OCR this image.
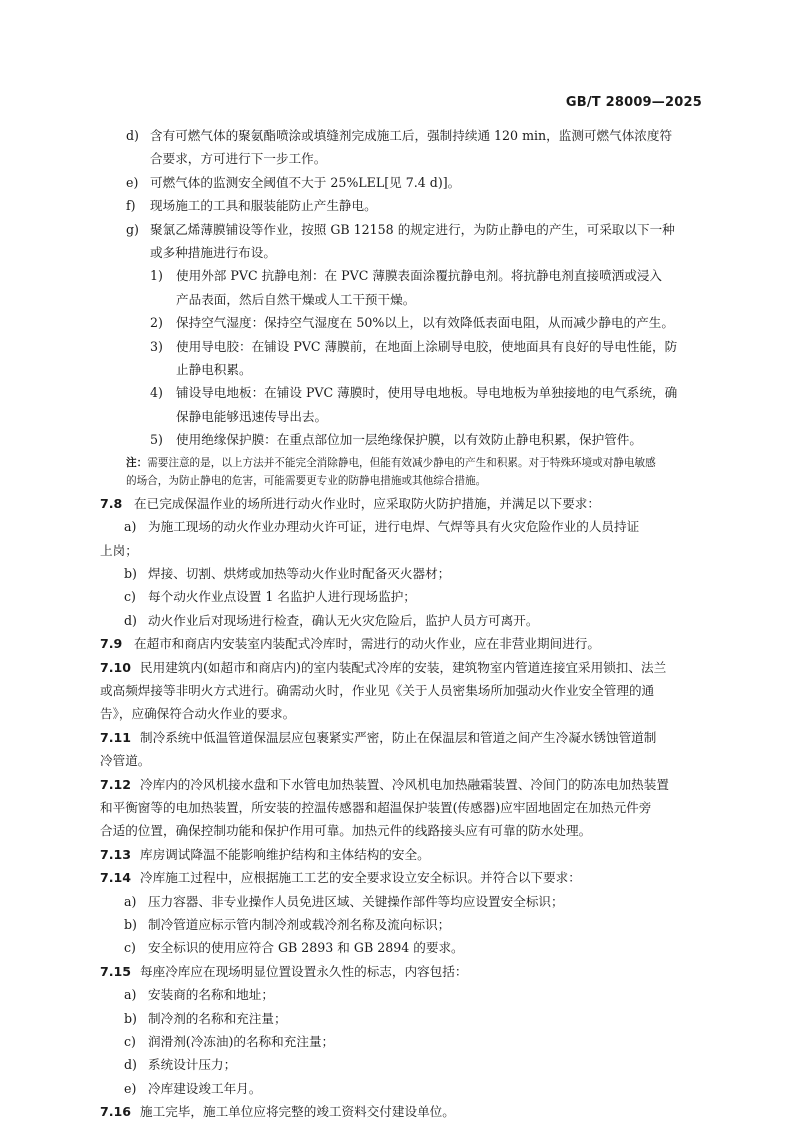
GB/T 28009—2025
d) 含有可燃气体的聚氨酯喷涂或填缝剂完成施工后，强制持续通 120 min，监测可燃气体浓度符
合要求，方可进行下一步工作。
e) 可燃气体的监测安全阈值不大于 25%LEL[见 7.4 d)]。
f) 现场施工的工具和服装能防止产生静电。
g) 聚氯乙烯薄膜铺设等作业，按照 GB 12158 的规定进行，为防止静电的产生，可采取以下一种
或多种措施进行布设。
1) 使用外部 PVC 抗静电剂：在 PVC 薄膜表面涂覆抗静电剂。将抗静电剂直接喷洒或浸入
产品表面，然后自然干燥或人工干预干燥。
2) 保持空气湿度：保持空气湿度在 50%以上，以有效降低表面电阻，从而减少静电的产生。
3) 使用导电胶：在铺设 PVC 薄膜前，在地面上涂刷导电胶，使地面具有良好的导电性能，防
止静电积累。
4) 铺设导电地板：在铺设 PVC 薄膜时，使用导电地板。导电地板为单独接地的电气系统，确
保静电能够迅速传导出去。
5) 使用绝缘保护膜：在重点部位加一层绝缘保护膜，以有效防止静电积累，保护管件。
注：需要注意的是，以上方法并不能完全消除静电，但能有效减少静电的产生和积累。对于特殊环境或对静电敏感
的场合，为防止静电的危害，可能需要更专业的防静电措施或其他综合措施。
7.8 在已完成保温作业的场所进行动火作业时，应采取防火防护措施，并满足以下要求：
a) 为施工现场的动火作业办理动火许可证，进行电焊、气焊等具有火灾危险作业的人员持证
上岗；
b) 焊接、切割、烘烤或加热等动火作业时配备灭火器材；
c) 每个动火作业点设置 1 名监护人进行现场监护；
d) 动火作业后对现场进行检查，确认无火灾危险后，监护人员方可离开。
7.9 在超市和商店内安装室内装配式冷库时，需进行的动火作业，应在非营业期间进行。
7.10 民用建筑内(如超市和商店内)的室内装配式冷库的安装，建筑物室内管道连接宜采用锁扣、法兰
或高频焊接等非明火方式进行。确需动火时，作业见《关于人员密集场所加强动火作业安全管理的通
告》，应确保符合动火作业的要求。
7.11 制冷系统中低温管道保温层应包裹紧实严密，防止在保温层和管道之间产生冷凝水锈蚀管道制
冷管道。
7.12 冷库内的冷风机接水盘和下水管电加热装置、冷风机电加热融霜装置、冷间门的防冻电加热装置
和平衡窗等的电加热装置，所安装的控温传感器和超温保护装置(传感器)应牢固地固定在加热元件旁
合适的位置，确保控制功能和保护作用可靠。加热元件的线路接头应有可靠的防水处理。
7.13 库房调试降温不能影响维护结构和主体结构的安全。
7.14 冷库施工过程中，应根据施工工艺的安全要求设立安全标识。并符合以下要求：
a) 压力容器、非专业操作人员免进区域、关键操作部件等均应设置安全标识；
b) 制冷管道应标示管内制冷剂或载冷剂名称及流向标识；
c) 安全标识的使用应符合 GB 2893 和 GB 2894 的要求。
7.15 每座冷库应在现场明显位置设置永久性的标志，内容包括：
a) 安装商的名称和地址；
b) 制冷剂的名称和充注量；
c) 润滑剂(冷冻油)的名称和充注量；
d) 系统设计压力；
e) 冷库建设竣工年月。
7.16 施工完毕，施工单位应将完整的竣工资料交付建设单位。
